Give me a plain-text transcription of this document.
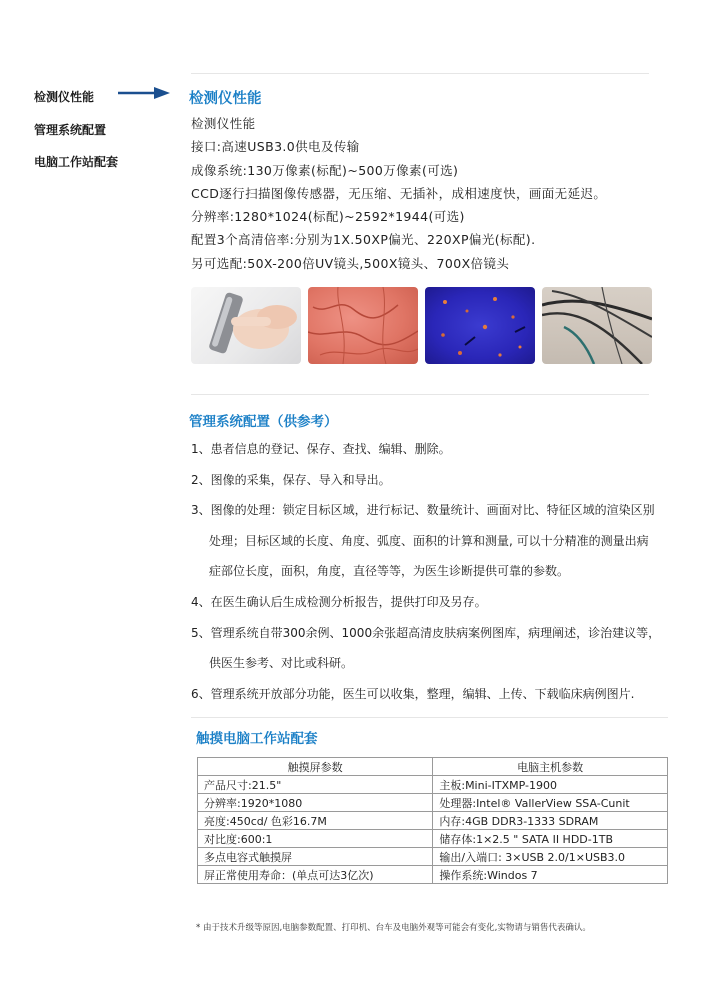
检测仪性能
管理系统配置
电脑工作站配套
检测仪性能
检测仪性能
接口:高速USB3.0供电及传输
成像系统:130万像素(标配)~500万像素(可选)
CCD逐行扫描图像传感器，无压缩、无插补，成相速度快，画面无延迟。
分辨率:1280*1024(标配)~2592*1944(可选)
配置3个高清倍率:分别为1X.50XP偏光、220XP偏光(标配).
另可选配:50X-200倍UV镜头,500X镜头、700X倍镜头
管理系统配置（供参考）
1、患者信息的登记、保存、查找、编辑、删除。
2、图像的采集，保存、导入和导出。
3、图像的处理：锁定目标区域，进行标记、数量统计、画面对比、特征区域的渲染区别
处理；目标区域的长度、角度、弧度、面积的计算和测量, 可以十分精准的测量出病
症部位长度，面积，角度，直径等等，为医生诊断提供可靠的参数。
4、在医生确认后生成检测分析报告，提供打印及另存。
5、管理系统自带300余例、1000余张超高清皮肤病案例图库，病理阐述，诊治建议等，
供医生参考、对比或科研。
6、管理系统开放部分功能，医生可以收集，整理，编辑、上传、下载临床病例图片.
触摸电脑工作站配套
触摸屏参数	电脑主机参数
产品尺寸:21.5"	主板:Mini-ITXMP-1900
分辨率:1920*1080	处理器:Intel® VallerView SSA-Cunit
亮度:450cd/ 色彩16.7M	内存:4GB DDR3-1333 SDRAM
对比度:600:1	储存体:1×2.5 " SATA II HDD-1TB
多点电容式触摸屏	输出/入端口: 3×USB 2.0/1×USB3.0
屏正常使用寿命：(单点可达3亿次)	操作系统:Windos 7
* 由于技术升级等原因,电脑参数配置、打印机、台车及电脑外观等可能会有变化,实物请与销售代表确认。
